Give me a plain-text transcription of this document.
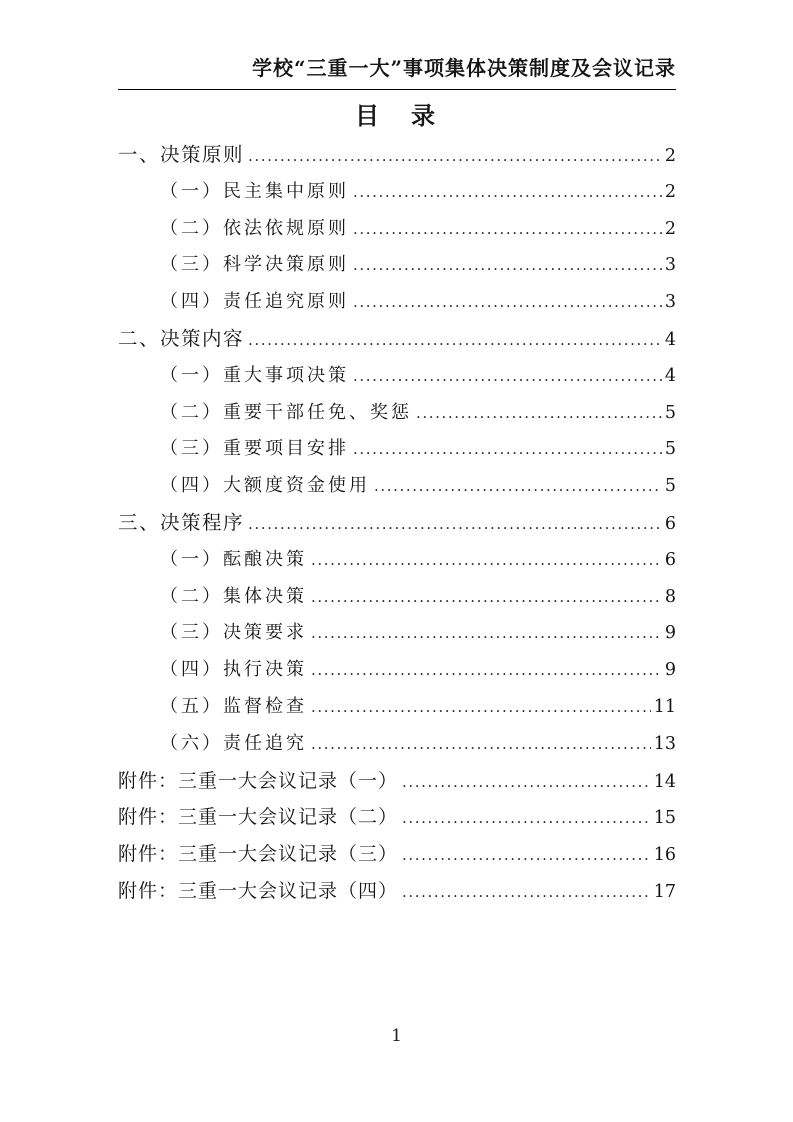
学校“三重一大”事项集体决策制度及会议记录
目　录
一、决策原则 .....	2
（一）民主集中原则 .....	2
（二）依法依规原则 .....	2
（三）科学决策原则 .....	3
（四）责任追究原则 .....	3
二、决策内容 .....	4
（一）重大事项决策 .....	4
（二）重要干部任免、奖惩 .....	5
（三）重要项目安排 .....	5
（四）大额度资金使用 .....	5
三、决策程序 .....	6
（一）酝酿决策 .....	6
（二）集体决策 .....	8
（三）决策要求 .....	9
（四）执行决策 .....	9
（五）监督检查 .....	11
（六）责任追究 .....	13
附件：三重一大会议记录（一） .....	14
附件：三重一大会议记录（二） .....	15
附件：三重一大会议记录（三） .....	16
附件：三重一大会议记录（四） .....	17
1
